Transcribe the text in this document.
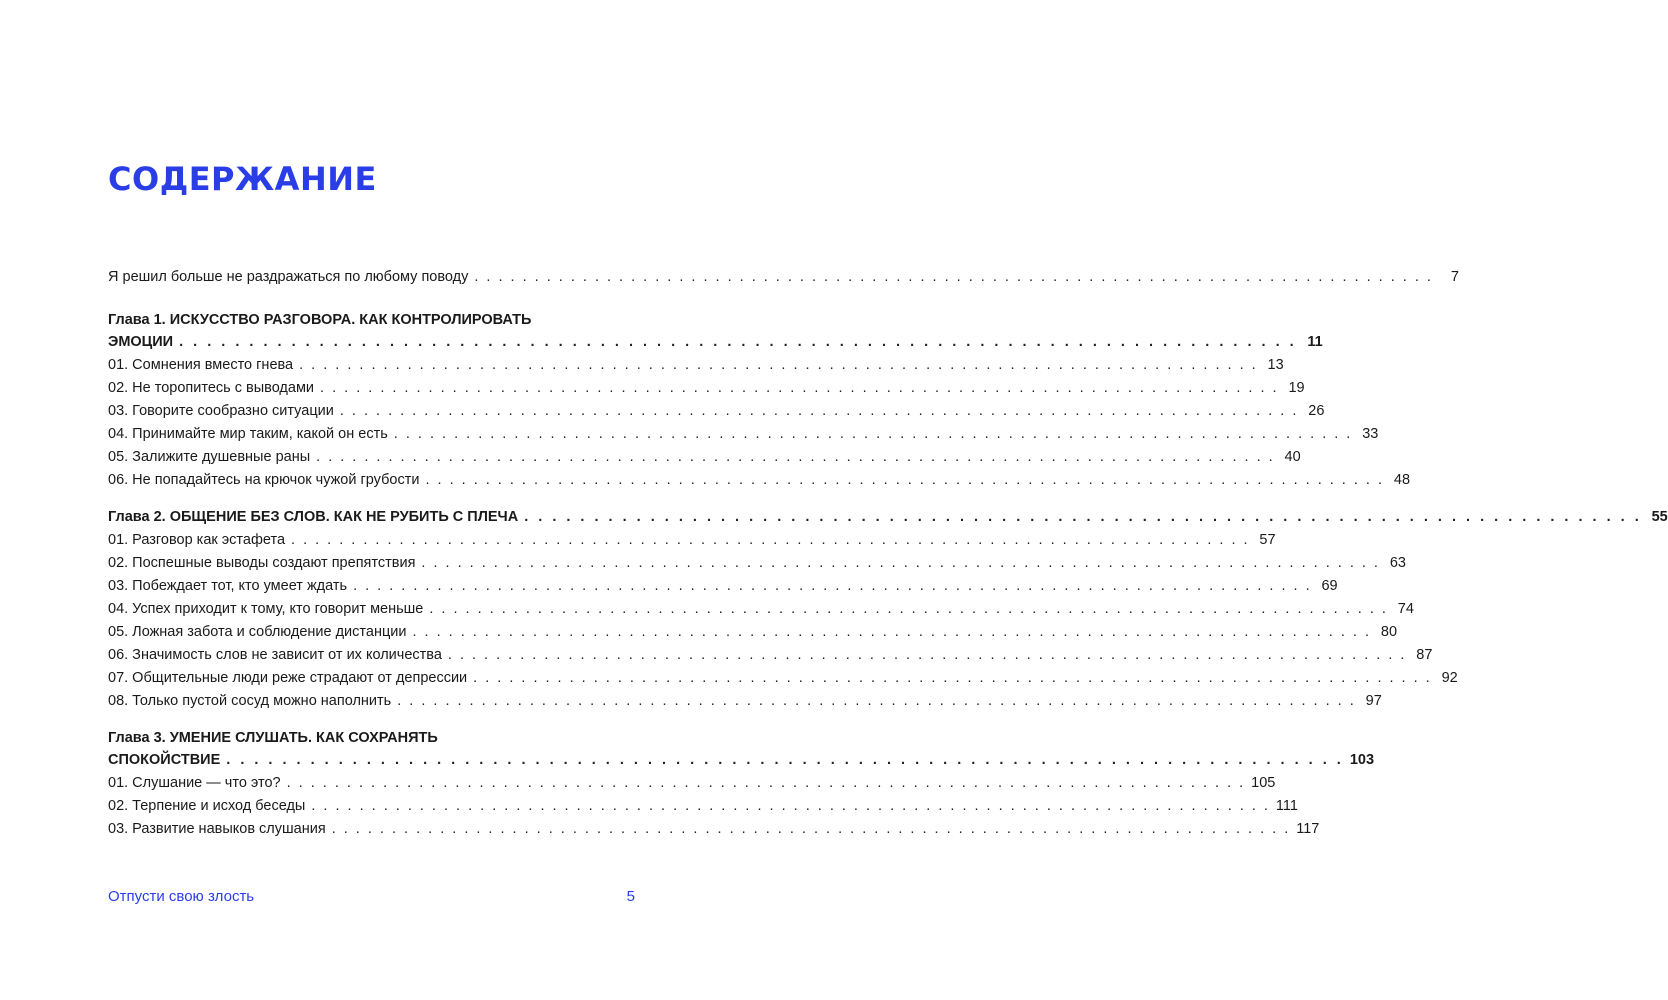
СОДЕРЖАНИЕ
Я решил больше не раздражаться по любому поводу . . .	7
Глава 1. ИСКУССТВО РАЗГОВОРА. КАК КОНТРОЛИРОВАТЬ
ЭМОЦИИ . . .	11
01. Сомнения вместо гнева . . .	13
02. Не торопитесь с выводами . . .	19
03. Говорите сообразно ситуации . . .	26
04. Принимайте мир таким, какой он есть . . .	33
05. Залижите душевные раны . . .	40
06. Не попадайтесь на крючок чужой грубости . . .	48
Глава 2. ОБЩЕНИЕ БЕЗ СЛОВ. КАК НЕ РУБИТЬ С ПЛЕЧА . . .	55
01. Разговор как эстафета . . .	57
02. Поспешные выводы создают препятствия . . .	63
03. Побеждает тот, кто умеет ждать . . .	69
04. Успех приходит к тому, кто говорит меньше . . .	74
05. Ложная забота и соблюдение дистанции . . .	80
06. Значимость слов не зависит от их количества . . .	87
07. Общительные люди реже страдают от депрессии . . .	92
08. Только пустой сосуд можно наполнить . . .	97
Глава 3. УМЕНИЕ СЛУШАТЬ. КАК СОХРАНЯТЬ
СПОКОЙСТВИЕ . . .	103
01. Слушание — что это? . . .	105
02. Терпение и исход беседы . . .	111
03. Развитие навыков слушания . . .	117
Отпусти свою злость	5
